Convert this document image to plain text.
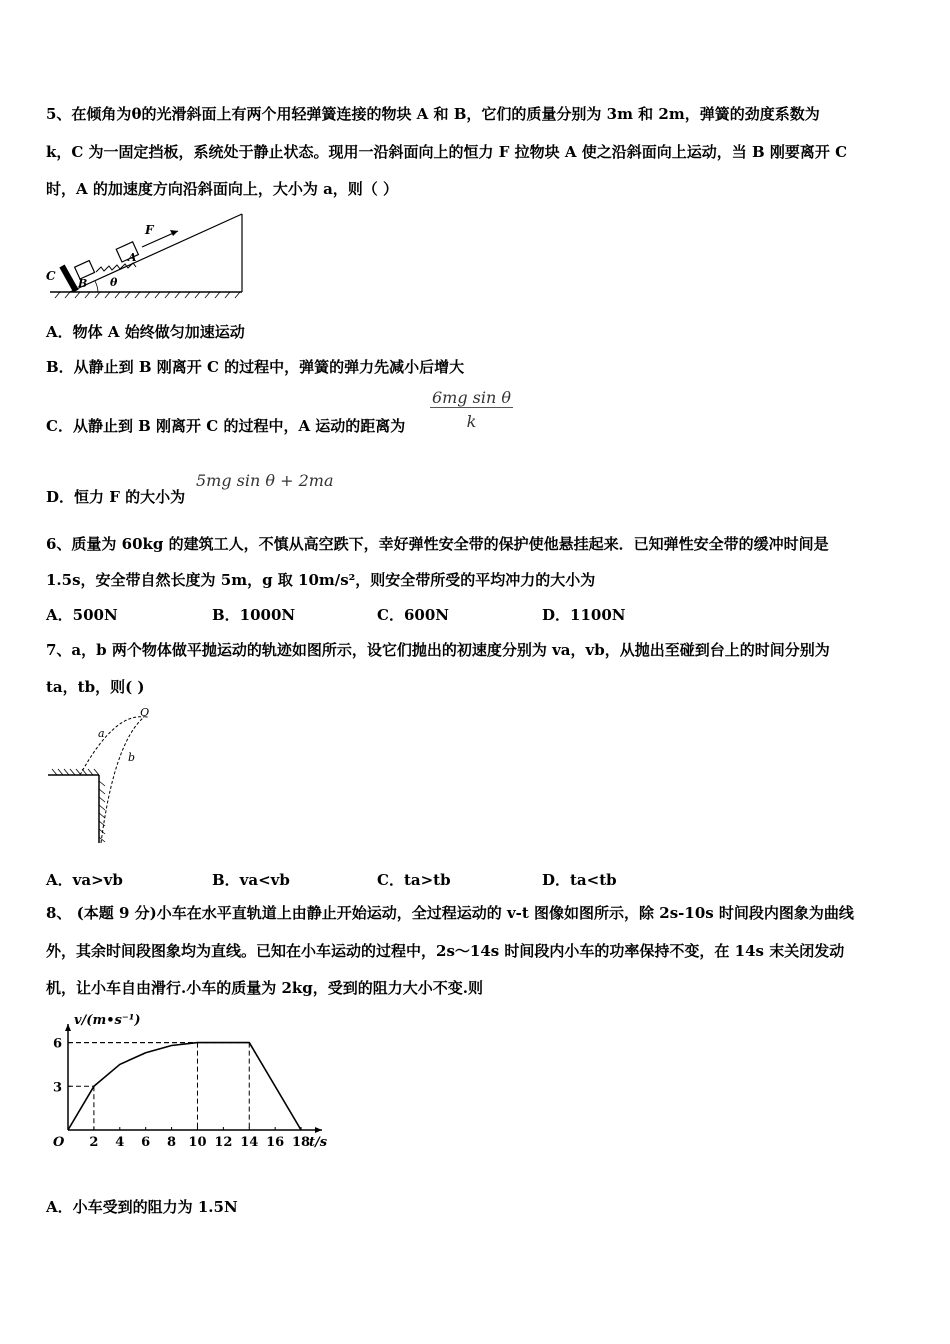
5、在倾角为θ的光滑斜面上有两个用轻弹簧连接的物块 A 和 B，它们的质量分别为 3m 和 2m，弹簧的劲度系数为
k，C 为一固定挡板，系统处于静止状态。现用一沿斜面向上的恒力 F 拉物块 A 使之沿斜面向上运动，当 B 刚要离开 C
时，A 的加速度方向沿斜面向上，大小为 a，则（ ）
C
B
A
F
θ
A．物体 A 始终做匀加速运动
B．从静止到 B 刚离开 C 的过程中，弹簧的弹力先减小后增大
C．从静止到 B 刚离开 C 的过程中，A 运动的距离为 $\frac{\text{6mg sin θ}}{k}$
D．恒力 F 的大小为
5mg sin θ + 2ma
6、质量为 60kg 的建筑工人，不慎从高空跌下，幸好弹性安全带的保护使他悬挂起来．已知弹性安全带的缓冲时间是
1.5s，安全带自然长度为 5m，g 取 10m/s²，则安全带所受的平均冲力的大小为
A．500N	B．1000N	C．600N	D．1100N
7、a，b 两个物体做平抛运动的轨迹如图所示，设它们抛出的初速度分别为 va，vb，从抛出至碰到台上的时间分别为
ta，tb，则( )
Q
a
b
A．va>vb	B．va<vb	C．ta>tb	D．ta<tb
8、 (本题 9 分)小车在水平直轨道上由静止开始运动，全过程运动的 v-t 图像如图所示，除 2s-10s 时间段内图象为曲线
外，其余时间段图象均为直线。已知在小车运动的过程中，2s～14s 时间段内小车的功率保持不变，在 14s 末关闭发动
机，让小车自由滑行.小车的质量为 2kg，受到的阻力大小不变.则
v/(m•s⁻¹)
t/s
O 2 4 6 8 10 12 14 16 18
3
6
A．小车受到的阻力为 1.5N
